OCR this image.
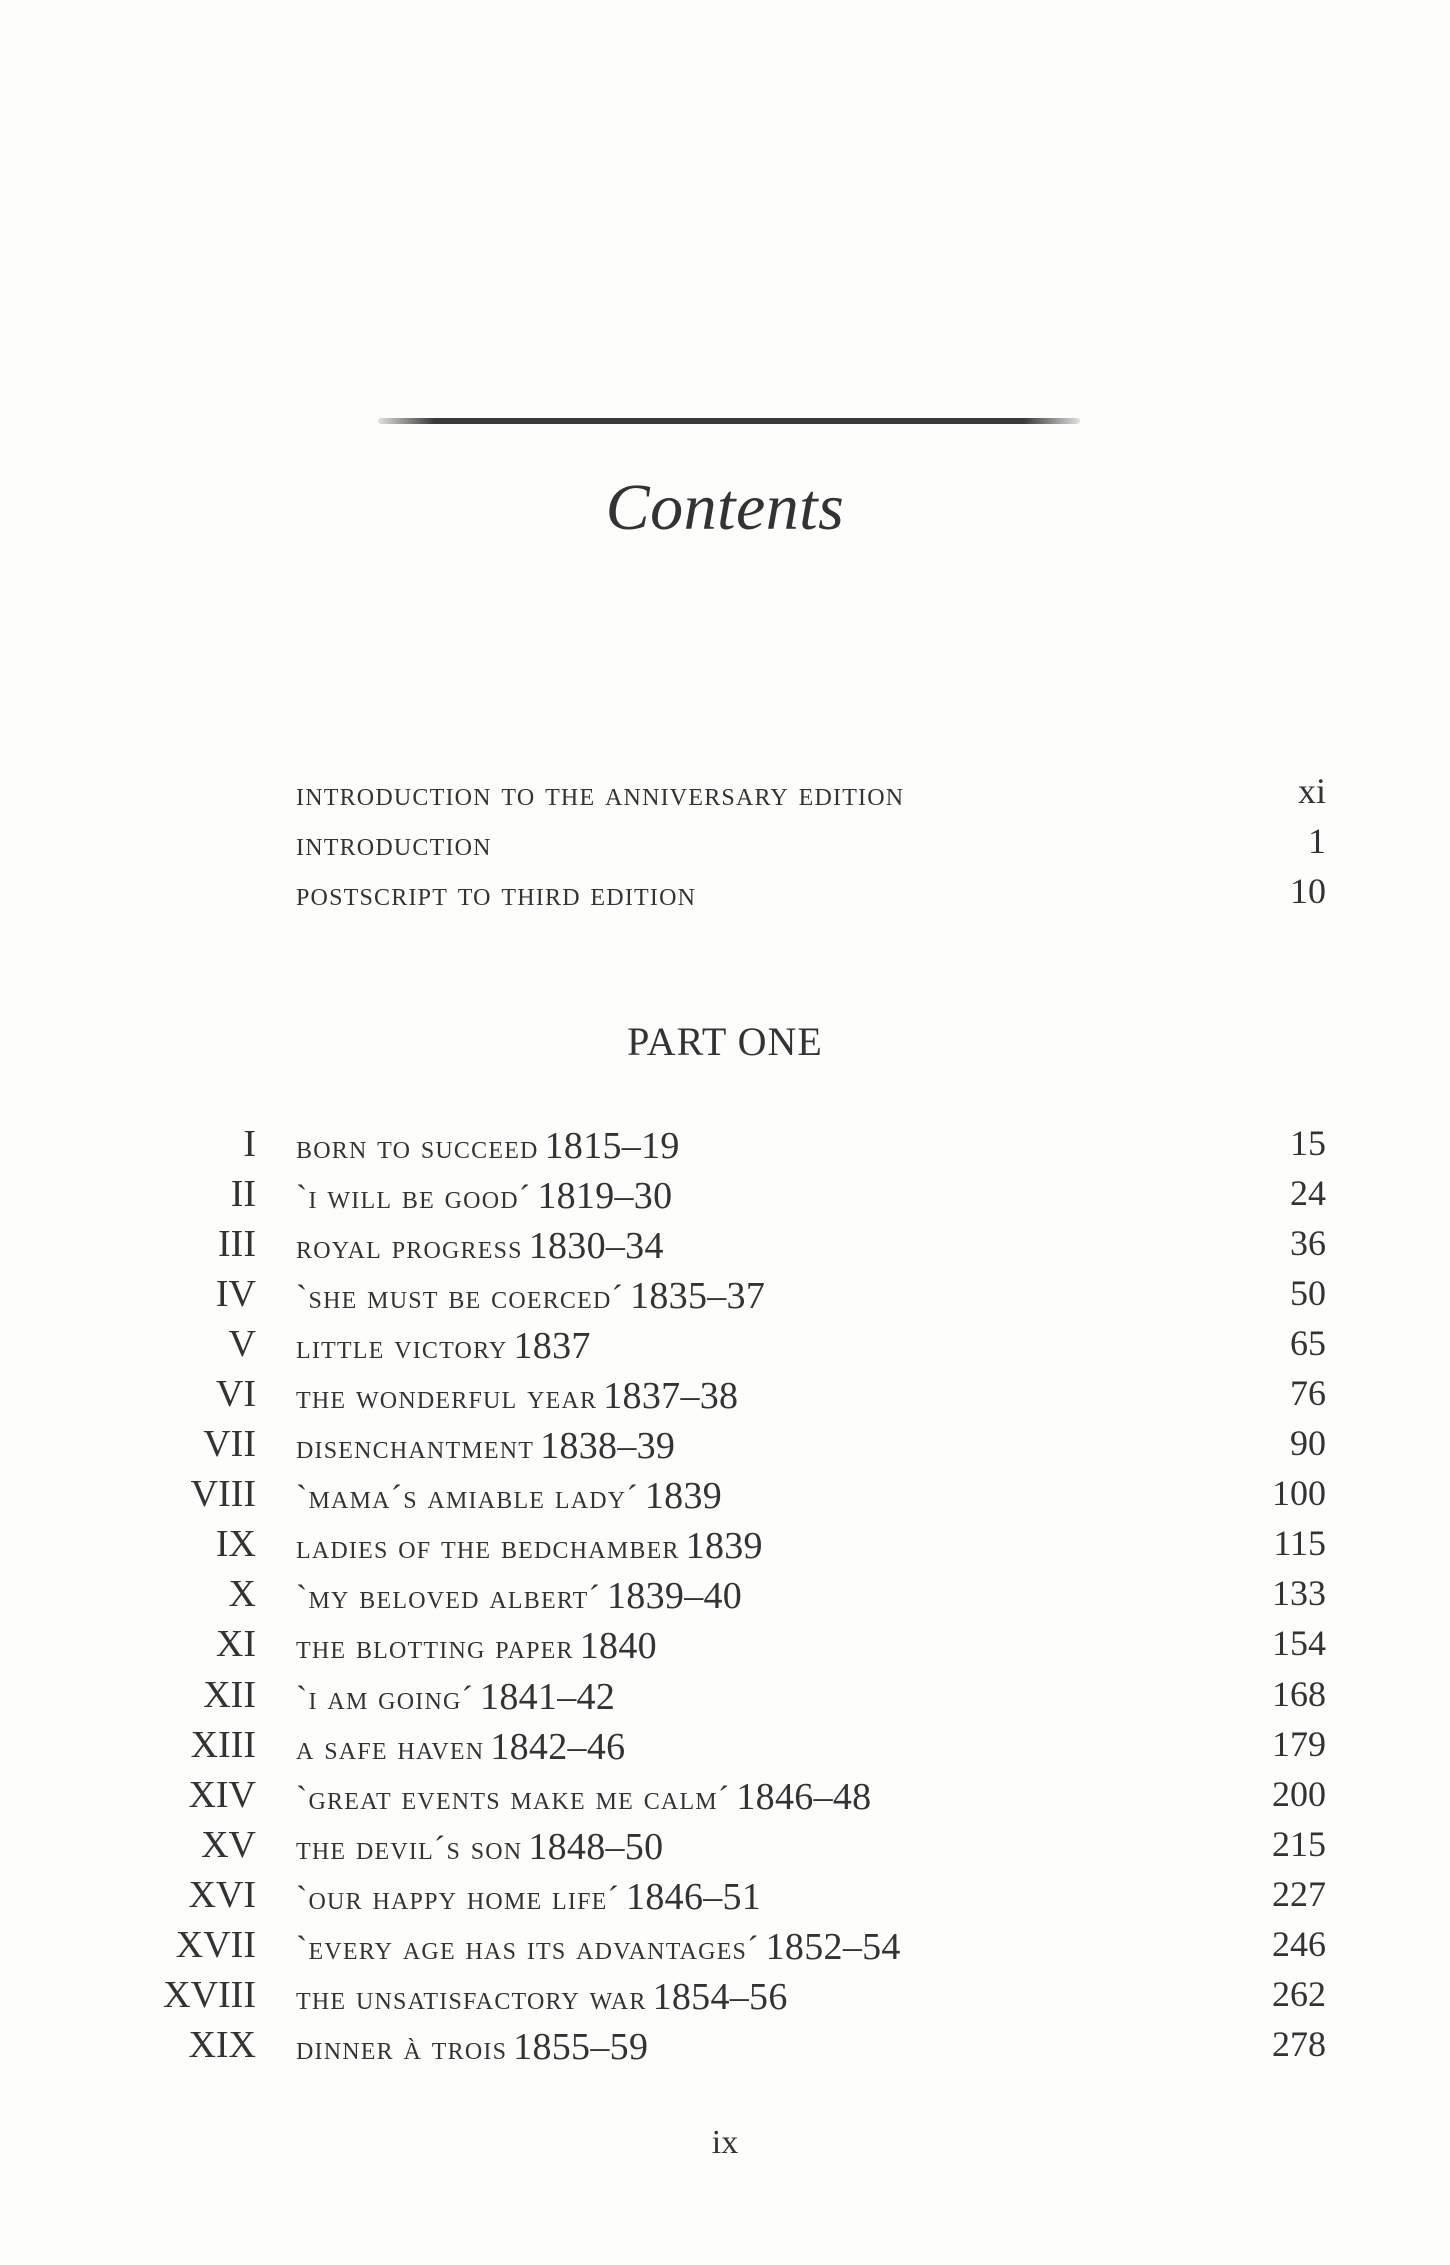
Contents
introduction to the anniversary edition	xi
introduction	1
postscript to third edition	10
PART ONE
I born to succeed 1815–19	15
II `i will be good´ 1819–30	24
III royal progress 1830–34	36
IV `she must be coerced´ 1835–37	50
V little victory 1837	65
VI the wonderful year 1837–38	76
VII disenchantment 1838–39	90
VIII `mama´s amiable lady´ 1839	100
IX ladies of the bedchamber 1839	115
X `my beloved albert´ 1839–40	133
XI the blotting paper 1840	154
XII `i am going´ 1841–42	168
XIII a safe haven 1842–46	179
XIV `great events make me calm´ 1846–48	200
XV the devil´s son 1848–50	215
XVI `our happy home life´ 1846–51	227
XVII `every age has its advantages´ 1852–54	246
XVIII the unsatisfactory war 1854–56	262
XIX dinner à trois 1855–59	278
ix
